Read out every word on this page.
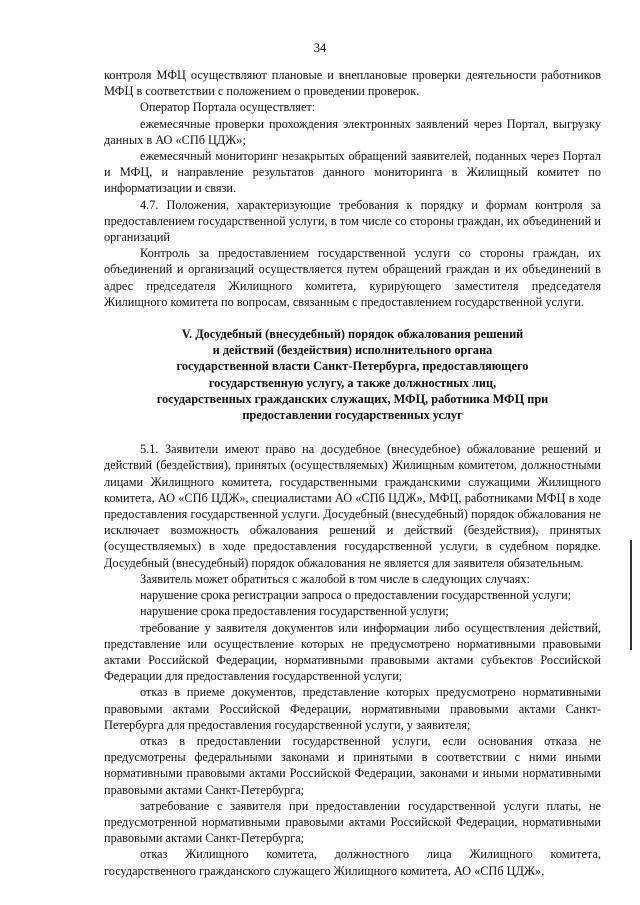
34

контроля МФЦ осуществляют плановые и внеплановые проверки деятельности работников МФЦ в соответствии с положением о проведении проверок.

Оператор Портала осуществляет:

ежемесячные проверки прохождения электронных заявлений через Портал, выгрузку данных в АО «СПб ЦДЖ»;

ежемесячный мониторинг незакрытых обращений заявителей, поданных через Портал и МФЦ, и направление результатов данного мониторинга в Жилищный комитет по информатизации и связи.

4.7. Положения, характеризующие требования к порядку и формам контроля за предоставлением государственной услуги, в том числе со стороны граждан, их объединений и организаций

Контроль за предоставлением государственной услуги со стороны граждан, их объединений и организаций осуществляется путем обращений граждан и их объединений в адрес председателя Жилищного комитета, курирующего заместителя председателя Жилищного комитета по вопросам, связанным с предоставлением государственной услуги.

V. Досудебный (внесудебный) порядок обжалования решений
и действий (бездействия) исполнительного органа
государственной власти Санкт-Петербурга, предоставляющего
государственную услугу, а также должностных лиц,
государственных гражданских служащих, МФЦ, работника МФЦ при
предоставлении государственных услуг

5.1. Заявители имеют право на досудебное (внесудебное) обжалование решений и действий (бездействия), принятых (осуществляемых) Жилищным комитетом, должностными лицами Жилищного комитета, государственными гражданскими служащими Жилищного комитета, АО «СПб ЦДЖ», специалистами АО «СПб ЦДЖ», МФЦ, работниками МФЦ в ходе предоставления государственной услуги. Досудебный (внесудебный) порядок обжалования не исключает возможность обжалования решений и действий (бездействия), принятых (осуществляемых) в ходе предоставления государственной услуги, в судебном порядке. Досудебный (внесудебный) порядок обжалования не является для заявителя обязательным.

Заявитель может обратиться с жалобой в том числе в следующих случаях:

нарушение срока регистрации запроса о предоставлении государственной услуги;

нарушение срока предоставления государственной услуги;

требование у заявителя документов или информации либо осуществления действий, представление или осуществление которых не предусмотрено нормативными правовыми актами Российской Федерации, нормативными правовыми актами субъектов Российской Федерации для предоставления государственной услуги;

отказ в приеме документов, представление которых предусмотрено нормативными правовыми актами Российской Федерации, нормативными правовыми актами Санкт-Петербурга для предоставления государственной услуги, у заявителя;

отказ в предоставлении государственной услуги, если основания отказа не предусмотрены федеральными законами и принятыми в соответствии с ними иными нормативными правовыми актами Российской Федерации, законами и иными нормативными правовыми актами Санкт-Петербурга;

затребование с заявителя при предоставлении государственной услуги платы, не предусмотренной нормативными правовыми актами Российской Федерации, нормативными правовыми актами Санкт-Петербурга;

отказ Жилищного комитета, должностного лица Жилищного комитета, государственного гражданского служащего Жилищного комитета, АО «СПб ЦДЖ»,
